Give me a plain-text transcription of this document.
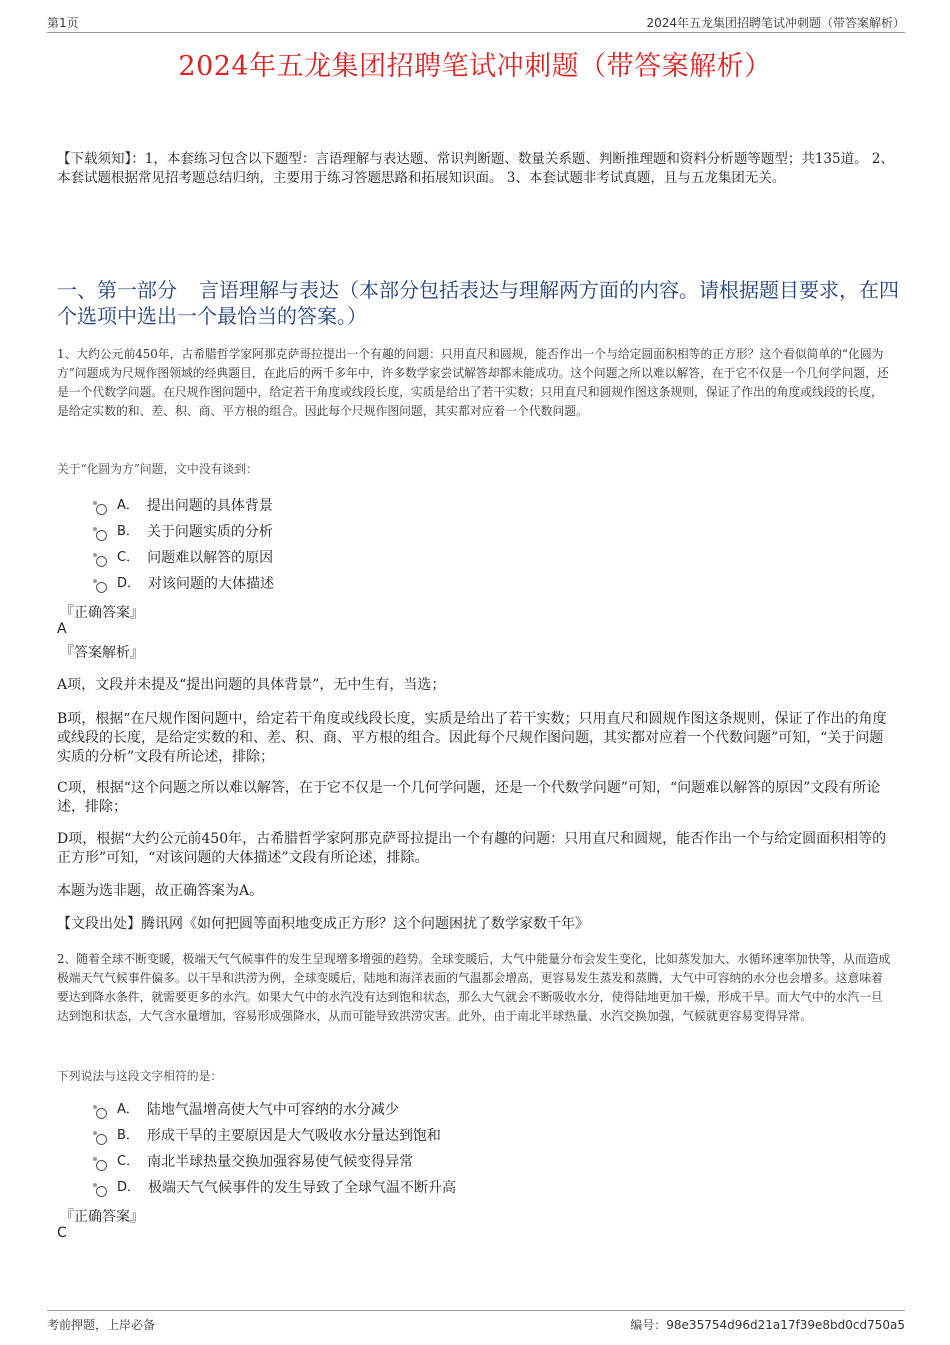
第1页	2024年五龙集团招聘笔试冲刺题（带答案解析）
2024年五龙集团招聘笔试冲刺题（带答案解析）
【下载须知】：1，本套练习包含以下题型：言语理解与表达题、常识判断题、数量关系题、判断推理题和资料分析题等题型；共135道。 2、本套试题根据常见招考题总结归纳，主要用于练习答题思路和拓展知识面。 3、本套试题非考试真题，且与五龙集团无关。
一、第一部分 言语理解与表达（本部分包括表达与理解两方面的内容。请根据题目要求，在四个选项中选出一个最恰当的答案。）
1、大约公元前450年，古希腊哲学家阿那克萨哥拉提出一个有趣的问题：只用直尺和圆规，能否作出一个与给定圆面积相等的正方形？这个看似简单的“化圆为方”问题成为尺规作图领域的经典题目，在此后的两千多年中，许多数学家尝试解答却都未能成功。这个问题之所以难以解答，在于它不仅是一个几何学问题，还是一个代数学问题。在尺规作图问题中，给定若干角度或线段长度，实质是给出了若干实数；只用直尺和圆规作图这条规则，保证了作出的角度或线段的长度，是给定实数的和、差、积、商、平方根的组合。因此每个尺规作图问题，其实都对应着一个代数问题。
关于“化圆为方”问题，文中没有谈到：
A． 提出问题的具体背景
B． 关于问题实质的分析
C． 问题难以解答的原因
D． 对该问题的大体描述
『正确答案』
A
『答案解析』
A项，文段并未提及“提出问题的具体背景”，无中生有，当选；
B项，根据“在尺规作图问题中，给定若干角度或线段长度，实质是给出了若干实数；只用直尺和圆规作图这条规则，保证了作出的角度或线段的长度，是给定实数的和、差、积、商、平方根的组合。因此每个尺规作图问题，其实都对应着一个代数问题”可知，“关于问题实质的分析”文段有所论述，排除；
C项，根据“这个问题之所以难以解答，在于它不仅是一个几何学问题，还是一个代数学问题”可知，“问题难以解答的原因”文段有所论述，排除；
D项，根据“大约公元前450年，古希腊哲学家阿那克萨哥拉提出一个有趣的问题：只用直尺和圆规，能否作出一个与给定圆面积相等的正方形”可知，“对该问题的大体描述”文段有所论述，排除。
本题为选非题，故正确答案为A。
【文段出处】腾讯网《如何把圆等面积地变成正方形？这个问题困扰了数学家数千年》
2、随着全球不断变暖，极端天气气候事件的发生呈现增多增强的趋势。全球变暖后，大气中能量分布会发生变化，比如蒸发加大、水循环速率加快等，从而造成极端天气气候事件偏多。以干旱和洪涝为例，全球变暖后，陆地和海洋表面的气温都会增高，更容易发生蒸发和蒸腾，大气中可容纳的水分也会增多。这意味着要达到降水条件，就需要更多的水汽。如果大气中的水汽没有达到饱和状态，那么大气就会不断吸收水分，使得陆地更加干燥，形成干旱。而大气中的水汽一旦达到饱和状态，大气含水量增加，容易形成强降水，从而可能导致洪涝灾害。此外，由于南北半球热量、水汽交换加强，气候就更容易变得异常。
下列说法与这段文字相符的是：
A． 陆地气温增高使大气中可容纳的水分减少
B． 形成干旱的主要原因是大气吸收水分量达到饱和
C． 南北半球热量交换加强容易使气候变得异常
D． 极端天气气候事件的发生导致了全球气温不断升高
『正确答案』
C
考前押题，上岸必备	编号：98e35754d96d21a17f39e8bd0cd750a5
